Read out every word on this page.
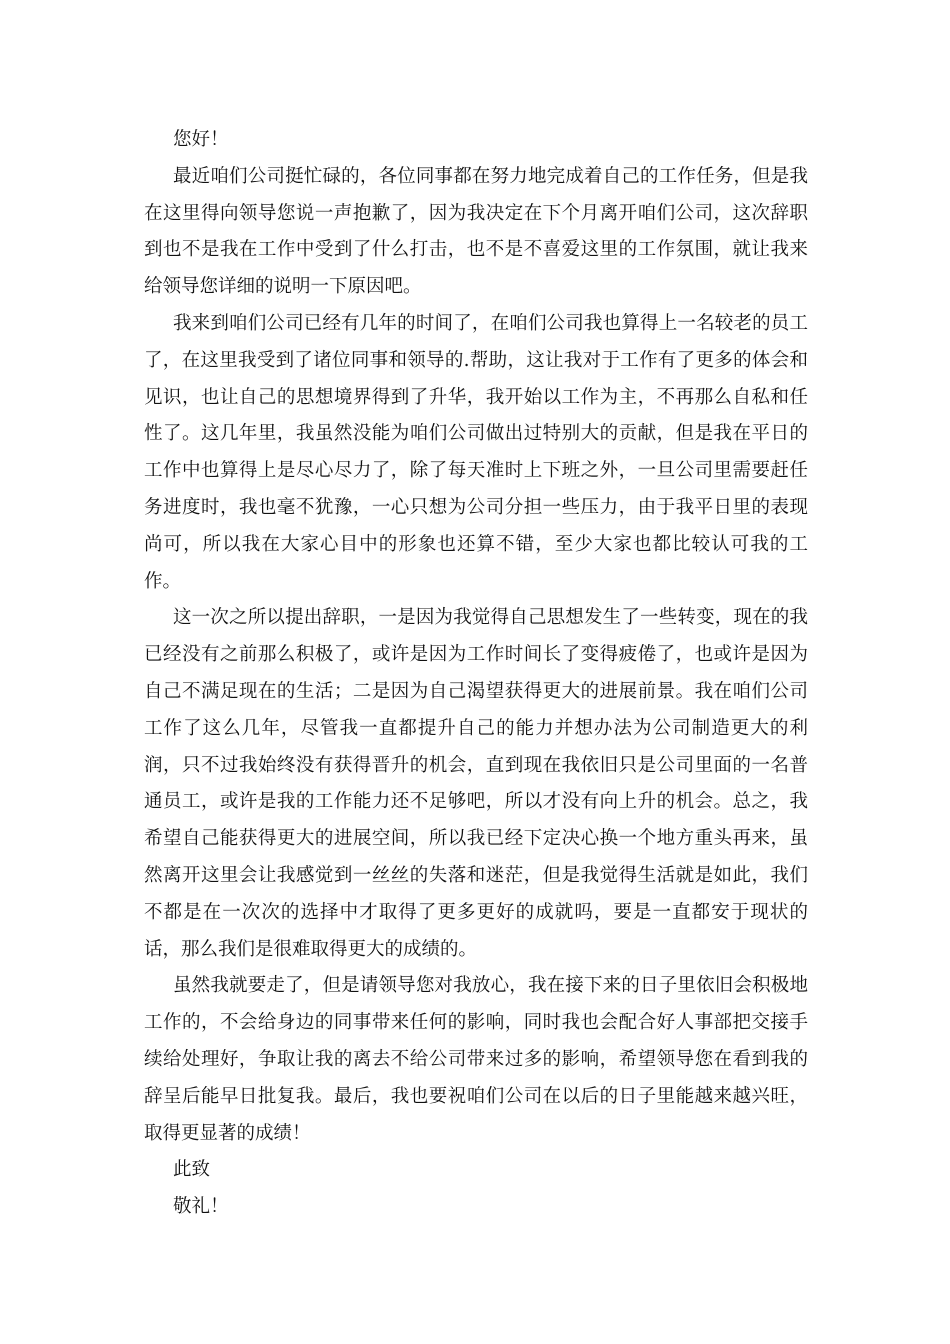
您好！

最近咱们公司挺忙碌的，各位同事都在努力地完成着自己的工作任务，但是我在这里得向领导您说一声抱歉了，因为我决定在下个月离开咱们公司，这次辞职到也不是我在工作中受到了什么打击，也不是不喜爱这里的工作氛围，就让我来给领导您详细的说明一下原因吧。

我来到咱们公司已经有几年的时间了，在咱们公司我也算得上一名较老的员工了，在这里我受到了诸位同事和领导的.帮助，这让我对于工作有了更多的体会和见识，也让自己的思想境界得到了升华，我开始以工作为主，不再那么自私和任性了。这几年里，我虽然没能为咱们公司做出过特别大的贡献，但是我在平日的工作中也算得上是尽心尽力了，除了每天准时上下班之外，一旦公司里需要赶任务进度时，我也毫不犹豫，一心只想为公司分担一些压力，由于我平日里的表现尚可，所以我在大家心目中的形象也还算不错，至少大家也都比较认可我的工作。

这一次之所以提出辞职，一是因为我觉得自己思想发生了一些转变，现在的我已经没有之前那么积极了，或许是因为工作时间长了变得疲倦了，也或许是因为自己不满足现在的生活；二是因为自己渴望获得更大的进展前景。我在咱们公司工作了这么几年，尽管我一直都提升自己的能力并想办法为公司制造更大的利润，只不过我始终没有获得晋升的机会，直到现在我依旧只是公司里面的一名普通员工，或许是我的工作能力还不足够吧，所以才没有向上升的机会。总之，我希望自己能获得更大的进展空间，所以我已经下定决心换一个地方重头再来，虽然离开这里会让我感觉到一丝丝的失落和迷茫，但是我觉得生活就是如此，我们不都是在一次次的选择中才取得了更多更好的成就吗，要是一直都安于现状的话，那么我们是很难取得更大的成绩的。

虽然我就要走了，但是请领导您对我放心，我在接下来的日子里依旧会积极地工作的，不会给身边的同事带来任何的影响，同时我也会配合好人事部把交接手续给处理好，争取让我的离去不给公司带来过多的影响，希望领导您在看到我的辞呈后能早日批复我。最后，我也要祝咱们公司在以后的日子里能越来越兴旺，取得更显著的成绩！

此致

敬礼！
